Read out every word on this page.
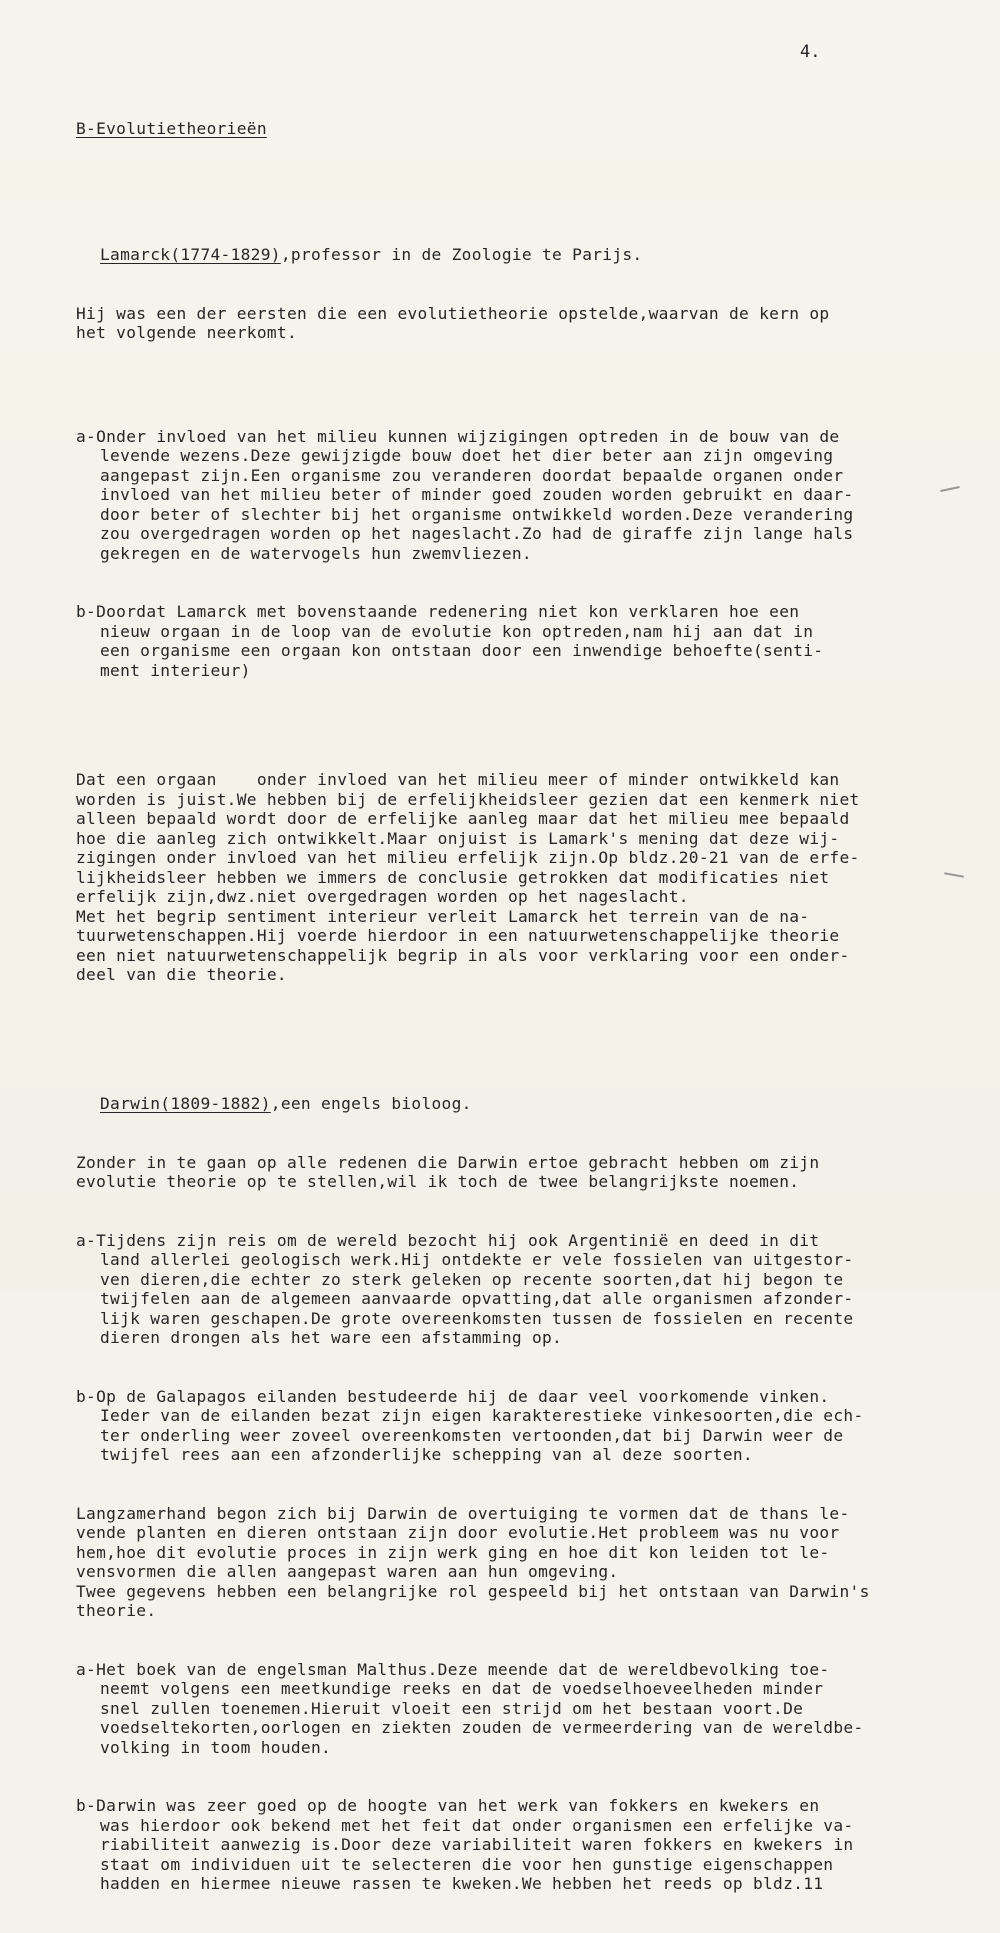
4.

B-Evolutietheorieën

Lamarck(1774-1829),professor in de Zoologie te Parijs.

Hij was een der eersten die een evolutietheorie opstelde,waarvan de kern op
het volgende neerkomt.

a-Onder invloed van het milieu kunnen wijzigingen optreden in de bouw van de
levende wezens.Deze gewijzigde bouw doet het dier beter aan zijn omgeving
aangepast zijn.Een organisme zou veranderen doordat bepaalde organen onder
invloed van het milieu beter of minder goed zouden worden gebruikt en daar-
door beter of slechter bij het organisme ontwikkeld worden.Deze verandering
zou overgedragen worden op het nageslacht.Zo had de giraffe zijn lange hals
gekregen en de watervogels hun zwemvliezen.

b-Doordat Lamarck met bovenstaande redenering niet kon verklaren hoe een
nieuw orgaan in de loop van de evolutie kon optreden,nam hij aan dat in
een organisme een orgaan kon ontstaan door een inwendige behoefte(senti-
ment interieur)

Dat een orgaan    onder invloed van het milieu meer of minder ontwikkeld kan
worden is juist.We hebben bij de erfelijkheidsleer gezien dat een kenmerk niet
alleen bepaald wordt door de erfelijke aanleg maar dat het milieu mee bepaald
hoe die aanleg zich ontwikkelt.Maar onjuist is Lamark's mening dat deze wij-
zigingen onder invloed van het milieu erfelijk zijn.Op bldz.20-21 van de erfe-
lijkheidsleer hebben we immers de conclusie getrokken dat modificaties niet
erfelijk zijn,dwz.niet overgedragen worden op het nageslacht.
Met het begrip sentiment interieur verleit Lamarck het terrein van de na-
tuurwetenschappen.Hij voerde hierdoor in een natuurwetenschappelijke theorie
een niet natuurwetenschappelijk begrip in als voor verklaring voor een onder-
deel van die theorie.

Darwin(1809-1882),een engels bioloog.

Zonder in te gaan op alle redenen die Darwin ertoe gebracht hebben om zijn
evolutie theorie op te stellen,wil ik toch de twee belangrijkste noemen.

a-Tijdens zijn reis om de wereld bezocht hij ook Argentinië en deed in dit
land allerlei geologisch werk.Hij ontdekte er vele fossielen van uitgestor-
ven dieren,die echter zo sterk geleken op recente soorten,dat hij begon te
twijfelen aan de algemeen aanvaarde opvatting,dat alle organismen afzonder-
lijk waren geschapen.De grote overeenkomsten tussen de fossielen en recente
dieren drongen als het ware een afstamming op.

b-Op de Galapagos eilanden bestudeerde hij de daar veel voorkomende vinken.
Ieder van de eilanden bezat zijn eigen karakterestieke vinkesoorten,die ech-
ter onderling weer zoveel overeenkomsten vertoonden,dat bij Darwin weer de
twijfel rees aan een afzonderlijke schepping van al deze soorten.

Langzamerhand begon zich bij Darwin de overtuiging te vormen dat de thans le-
vende planten en dieren ontstaan zijn door evolutie.Het probleem was nu voor
hem,hoe dit evolutie proces in zijn werk ging en hoe dit kon leiden tot le-
vensvormen die allen aangepast waren aan hun omgeving.
Twee gegevens hebben een belangrijke rol gespeeld bij het ontstaan van Darwin's
theorie.

a-Het boek van de engelsman Malthus.Deze meende dat de wereldbevolking toe-
neemt volgens een meetkundige reeks en dat de voedselhoeveelheden minder
snel zullen toenemen.Hieruit vloeit een strijd om het bestaan voort.De
voedseltekorten,oorlogen en ziekten zouden de vermeerdering van de wereldbe-
volking in toom houden.

b-Darwin was zeer goed op de hoogte van het werk van fokkers en kwekers en
was hierdoor ook bekend met het feit dat onder organismen een erfelijke va-
riabiliteit aanwezig is.Door deze variabiliteit waren fokkers en kwekers in
staat om individuen uit te selecteren die voor hen gunstige eigenschappen
hadden en hiermee nieuwe rassen te kweken.We hebben het reeds op bldz.11
